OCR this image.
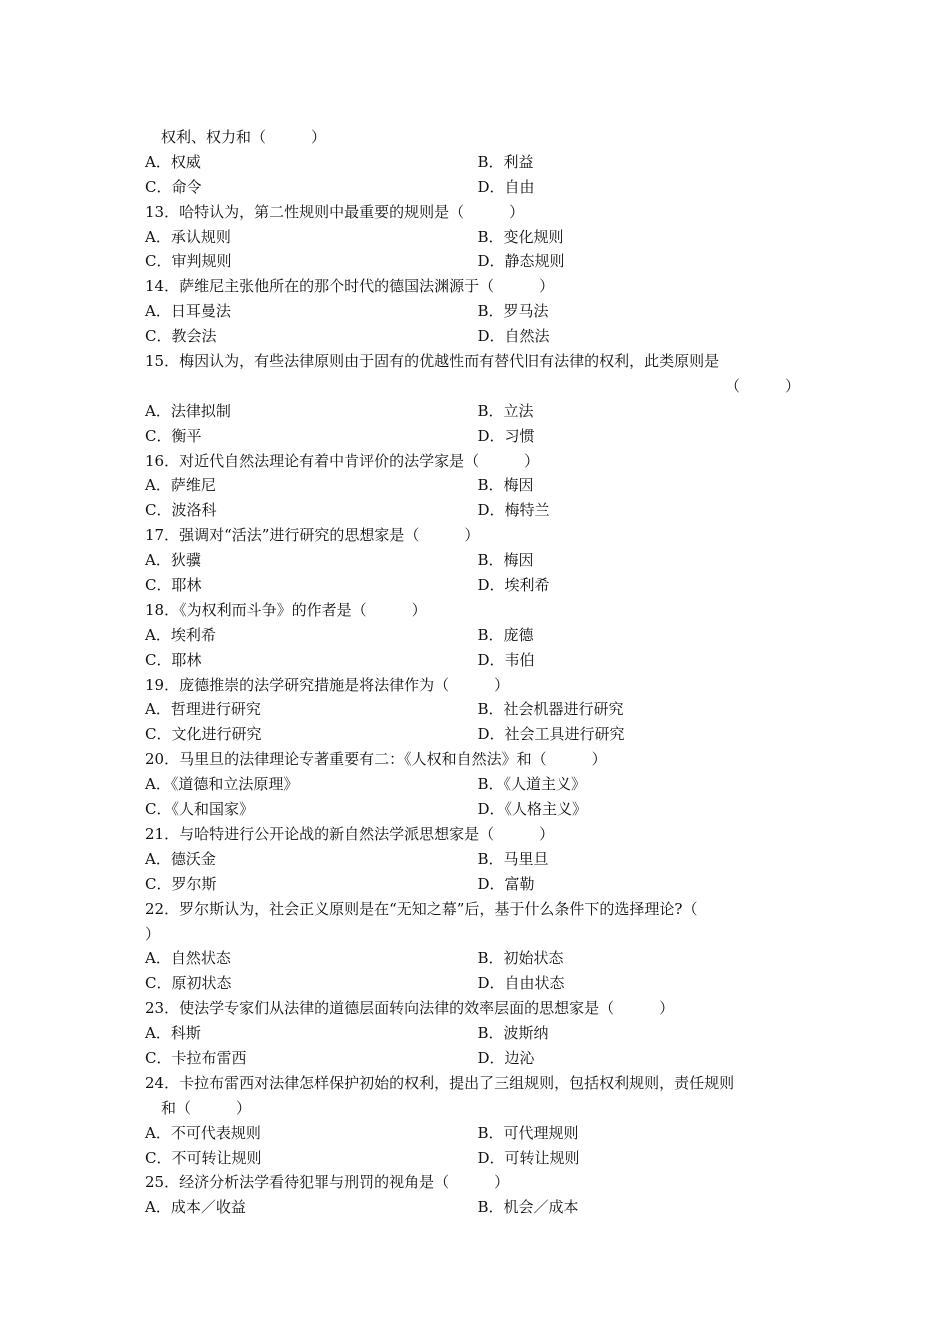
权利、权力和（　　　）
A．权威	B．利益
C．命令	D．自由
13．哈特认为，第二性规则中最重要的规则是（　　　）
A．承认规则	B．变化规则
C．审判规则	D．静态规则
14．萨维尼主张他所在的那个时代的德国法渊源于（　　　）
A．日耳曼法	B．罗马法
C．教会法	D．自然法
15．梅因认为，有些法律原则由于固有的优越性而有替代旧有法律的权利，此类原则是
（　　　）
A．法律拟制	B．立法
C．衡平	D．习惯
16．对近代自然法理论有着中肯评价的法学家是（　　　）
A．萨维尼	B．梅因
C．波洛科	D．梅特兰
17．强调对“活法”进行研究的思想家是（　　　）
A．狄骥	B．梅因
C．耶林	D．埃利希
18．《为权利而斗争》的作者是（　　　）
A．埃利希	B．庞德
C．耶林	D．韦伯
19．庞德推崇的法学研究措施是将法律作为（　　　）
A．哲理进行研究	B．社会机器进行研究
C．文化进行研究	D．社会工具进行研究
20．马里旦的法律理论专著重要有二：《人权和自然法》和（　　　）
A．《道德和立法原理》	B．《人道主义》
C．《人和国家》	D．《人格主义》
21．与哈特进行公开论战的新自然法学派思想家是（　　　）
A．德沃金	B．马里旦
C．罗尔斯	D．富勒
22．罗尔斯认为，社会正义原则是在“无知之幕”后，基于什么条件下的选择理论?（
）
A．自然状态	B．初始状态
C．原初状态	D．自由状态
23．使法学专家们从法律的道德层面转向法律的效率层面的思想家是（　　　）
A．科斯	B．波斯纳
C．卡拉布雷西	D．边沁
24．卡拉布雷西对法律怎样保护初始的权利，提出了三组规则，包括权利规则，责任规则
和（　　　）
A．不可代表规则	B．可代理规则
C．不可转让规则	D．可转让规则
25．经济分析法学看待犯罪与刑罚的视角是（　　　）
A．成本／收益	B．机会／成本
